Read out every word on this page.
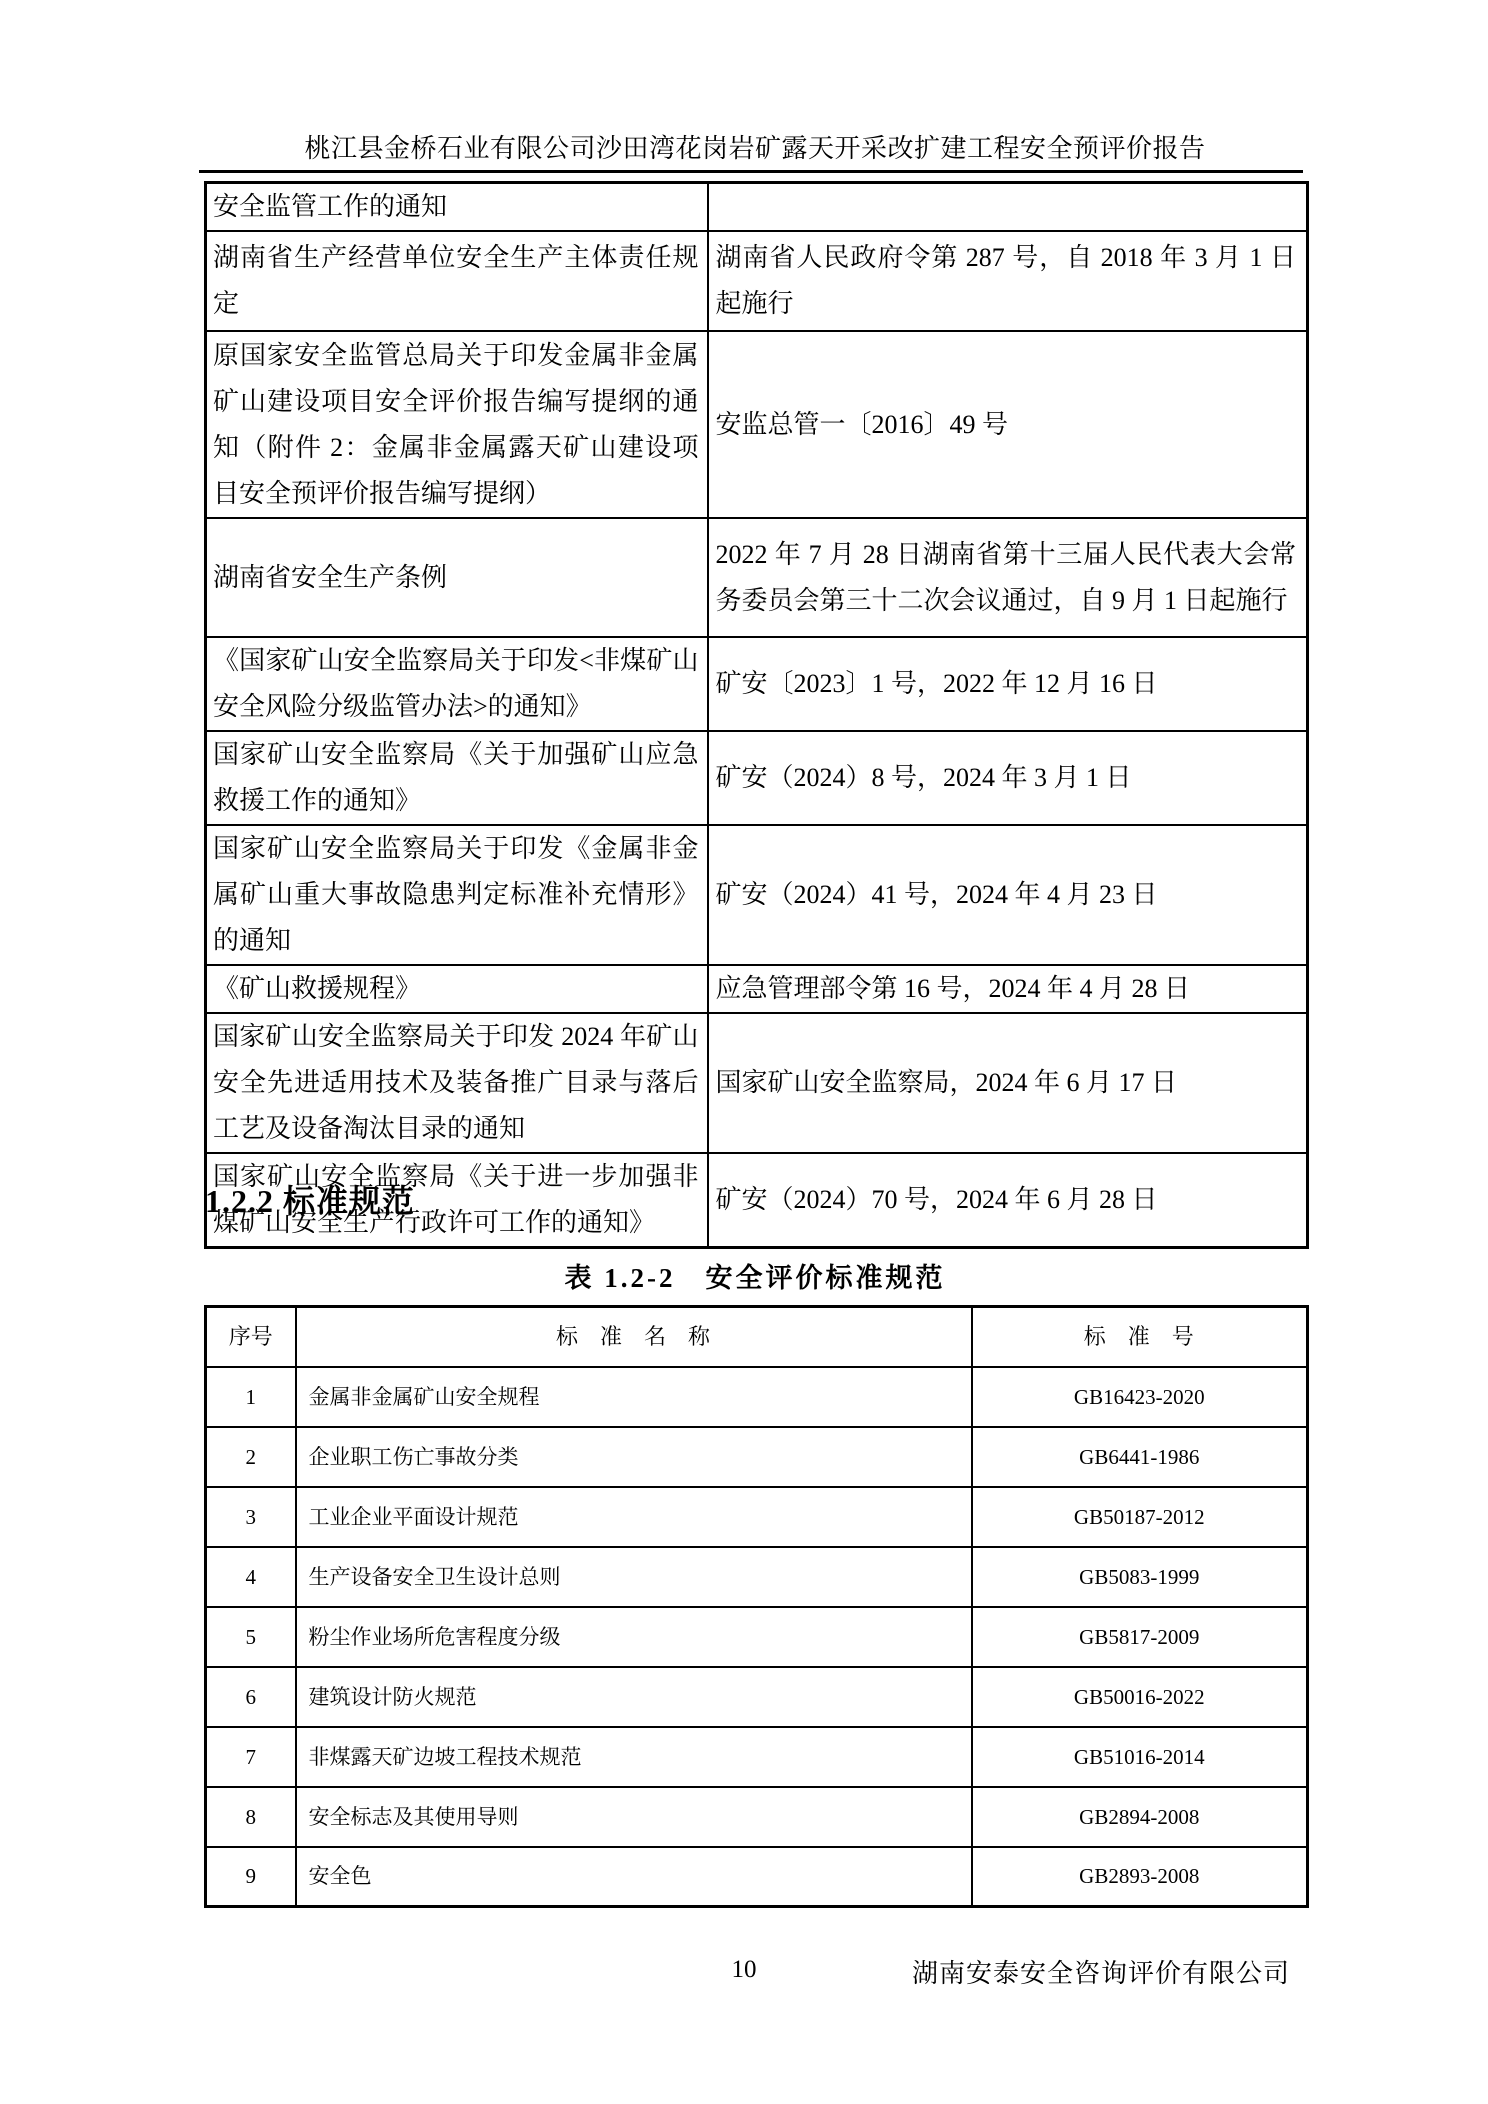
桃江县金桥石业有限公司沙田湾花岗岩矿露天开采改扩建工程安全预评价报告
安全监管工作的通知	
湖南省生产经营单位安全生产主体责任规定	湖南省人民政府令第 287 号，自 2018 年 3 月 1 日起施行
原国家安全监管总局关于印发金属非金属矿山建设项目安全评价报告编写提纲的通知（附件 2：金属非金属露天矿山建设项目安全预评价报告编写提纲）	安监总管一〔2016〕49 号
湖南省安全生产条例	2022 年 7 月 28 日湖南省第十三届人民代表大会常务委员会第三十二次会议通过，自 9 月 1 日起施行
《国家矿山安全监察局关于印发<非煤矿山安全风险分级监管办法>的通知》	矿安〔2023〕1 号，2022 年 12 月 16 日
国家矿山安全监察局《关于加强矿山应急救援工作的通知》	矿安（2024）8 号，2024 年 3 月 1 日
国家矿山安全监察局关于印发《金属非金属矿山重大事故隐患判定标准补充情形》的通知	矿安（2024）41 号，2024 年 4 月 23 日
《矿山救援规程》	应急管理部令第 16 号，2024 年 4 月 28 日
国家矿山安全监察局关于印发 2024 年矿山安全先进适用技术及装备推广目录与落后工艺及设备淘汰目录的通知	国家矿山安全监察局，2024 年 6 月 17 日
国家矿山安全监察局《关于进一步加强非煤矿山安全生产行政许可工作的通知》	矿安（2024）70 号，2024 年 6 月 28 日
1.2.2 标准规范
表 1.2-2　安全评价标准规范
序号	标　准　名　称	标　准　号
1	金属非金属矿山安全规程	GB16423-2020
2	企业职工伤亡事故分类	GB6441-1986
3	工业企业平面设计规范	GB50187-2012
4	生产设备安全卫生设计总则	GB5083-1999
5	粉尘作业场所危害程度分级	GB5817-2009
6	建筑设计防火规范	GB50016-2022
7	非煤露天矿边坡工程技术规范	GB51016-2014
8	安全标志及其使用导则	GB2894-2008
9	安全色	GB2893-2008
10	湖南安泰安全咨询评价有限公司
